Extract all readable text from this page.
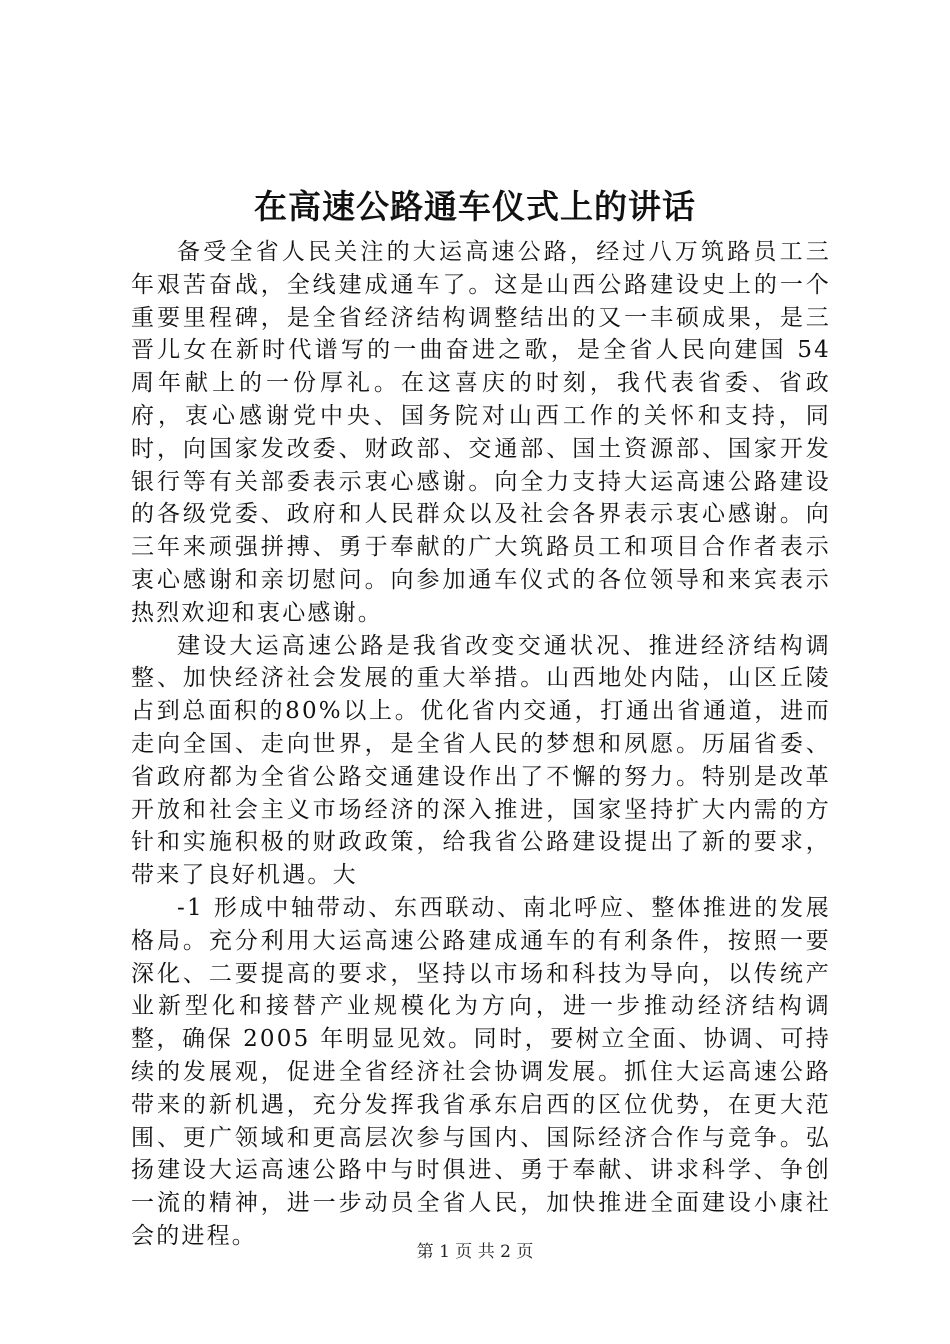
在高速公路通车仪式上的讲话

备受全省人民关注的大运高速公路，经过八万筑路员工三年艰苦奋战，全线建成通车了。这是山西公路建设史上的一个重要里程碑，是全省经济结构调整结出的又一丰硕成果，是三晋儿女在新时代谱写的一曲奋进之歌，是全省人民向建国 54 周年献上的一份厚礼。在这喜庆的时刻，我代表省委、省政府，衷心感谢党中央、国务院对山西工作的关怀和支持，同时，向国家发改委、财政部、交通部、国土资源部、国家开发银行等有关部委表示衷心感谢。向全力支持大运高速公路建设的各级党委、政府和人民群众以及社会各界表示衷心感谢。向三年来顽强拼搏、勇于奉献的广大筑路员工和项目合作者表示衷心感谢和亲切慰问。向参加通车仪式的各位领导和来宾表示热烈欢迎和衷心感谢。

建设大运高速公路是我省改变交通状况、推进经济结构调整、加快经济社会发展的重大举措。山西地处内陆，山区丘陵占到总面积的80%以上。优化省内交通，打通出省通道，进而走向全国、走向世界，是全省人民的梦想和夙愿。历届省委、省政府都为全省公路交通建设作出了不懈的努力。特别是改革开放和社会主义市场经济的深入推进，国家坚持扩大内需的方针和实施积极的财政政策，给我省公路建设提出了新的要求，带来了良好机遇。大

-1 形成中轴带动、东西联动、南北呼应、整体推进的发展格局。充分利用大运高速公路建成通车的有利条件，按照一要深化、二要提高的要求，坚持以市场和科技为导向，以传统产业新型化和接替产业规模化为方向，进一步推动经济结构调整，确保 2005 年明显见效。同时，要树立全面、协调、可持续的发展观，促进全省经济社会协调发展。抓住大运高速公路带来的新机遇，充分发挥我省承东启西的区位优势，在更大范围、更广领域和更高层次参与国内、国际经济合作与竞争。弘扬建设大运高速公路中与时俱进、勇于奉献、讲求科学、争创一流的精神，进一步动员全省人民，加快推进全面建设小康社会的进程。

第 1 页 共 2 页
